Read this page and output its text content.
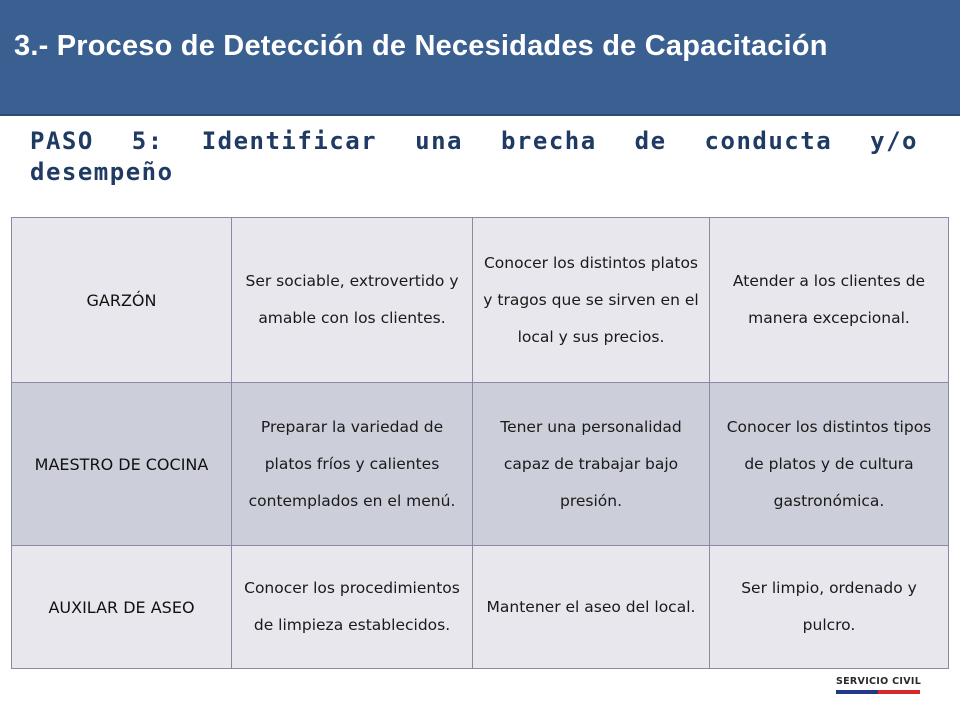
3.- Proceso de Detección de Necesidades de Capacitación
PASO 5: Identificar una brecha de conducta y/o desempeño
GARZÓN	Ser sociable, extrovertido y amable con los clientes.	Conocer los distintos platos y tragos que se sirven en el local y sus precios.	Atender a los clientes de manera excepcional.
MAESTRO DE COCINA	Preparar la variedad de platos fríos y calientes contemplados en el menú.	Tener una personalidad capaz de trabajar bajo presión.	Conocer los distintos tipos de platos y de cultura gastronómica.
AUXILAR DE ASEO	Conocer los procedimientos de limpieza establecidos.	Mantener el aseo del local.	Ser limpio, ordenado y pulcro.
SERVICIO CIVIL
